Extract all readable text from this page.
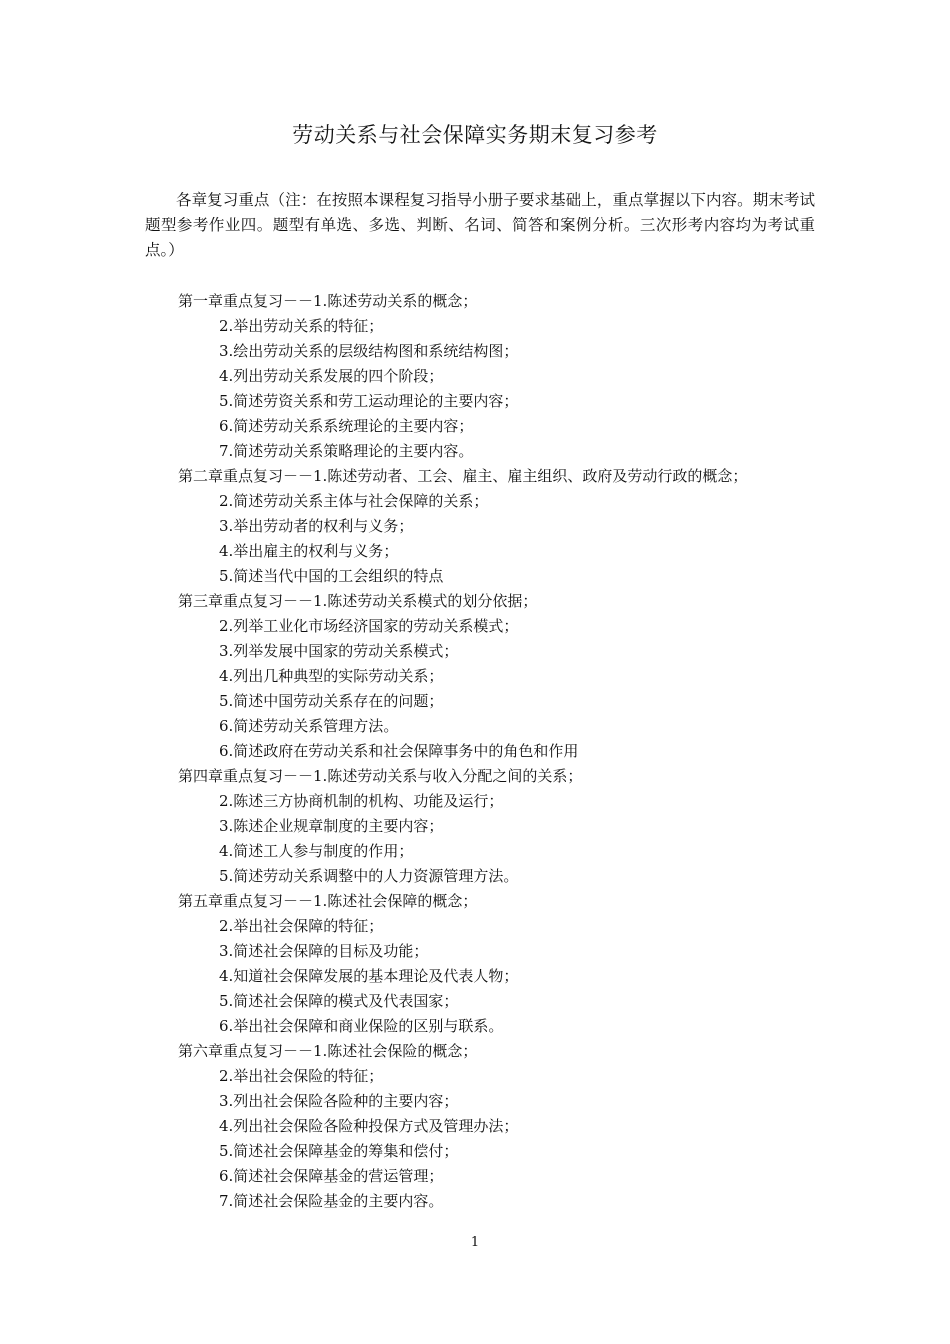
劳动关系与社会保障实务期末复习参考

各章复习重点（注：在按照本课程复习指导小册子要求基础上，重点掌握以下内容。期末考试题型参考作业四。题型有单选、多选、判断、名词、简答和案例分析。三次形考内容均为考试重点。）

第一章重点复习－－1.陈述劳动关系的概念；
2.举出劳动关系的特征；
3.绘出劳动关系的层级结构图和系统结构图；
4.列出劳动关系发展的四个阶段；
5.简述劳资关系和劳工运动理论的主要内容；
6.简述劳动关系系统理论的主要内容；
7.简述劳动关系策略理论的主要内容。
第二章重点复习－－1.陈述劳动者、工会、雇主、雇主组织、政府及劳动行政的概念；
2.简述劳动关系主体与社会保障的关系；
3.举出劳动者的权利与义务；
4.举出雇主的权利与义务；
5.简述当代中国的工会组织的特点
第三章重点复习－－1.陈述劳动关系模式的划分依据；
2.列举工业化市场经济国家的劳动关系模式；
3.列举发展中国家的劳动关系模式；
4.列出几种典型的实际劳动关系；
5.简述中国劳动关系存在的问题；
6.简述劳动关系管理方法。
6.简述政府在劳动关系和社会保障事务中的角色和作用
第四章重点复习－－1.陈述劳动关系与收入分配之间的关系；
2.陈述三方协商机制的机构、功能及运行；
3.陈述企业规章制度的主要内容；
4.简述工人参与制度的作用；
5.简述劳动关系调整中的人力资源管理方法。
第五章重点复习－－1.陈述社会保障的概念；
2.举出社会保障的特征；
3.简述社会保障的目标及功能；
4.知道社会保障发展的基本理论及代表人物；
5.简述社会保障的模式及代表国家；
6.举出社会保障和商业保险的区别与联系。
第六章重点复习－－1.陈述社会保险的概念；
2.举出社会保险的特征；
3.列出社会保险各险种的主要内容；
4.列出社会保险各险种投保方式及管理办法；
5.简述社会保障基金的筹集和偿付；
6.简述社会保障基金的营运管理；
7.简述社会保险基金的主要内容。
1
